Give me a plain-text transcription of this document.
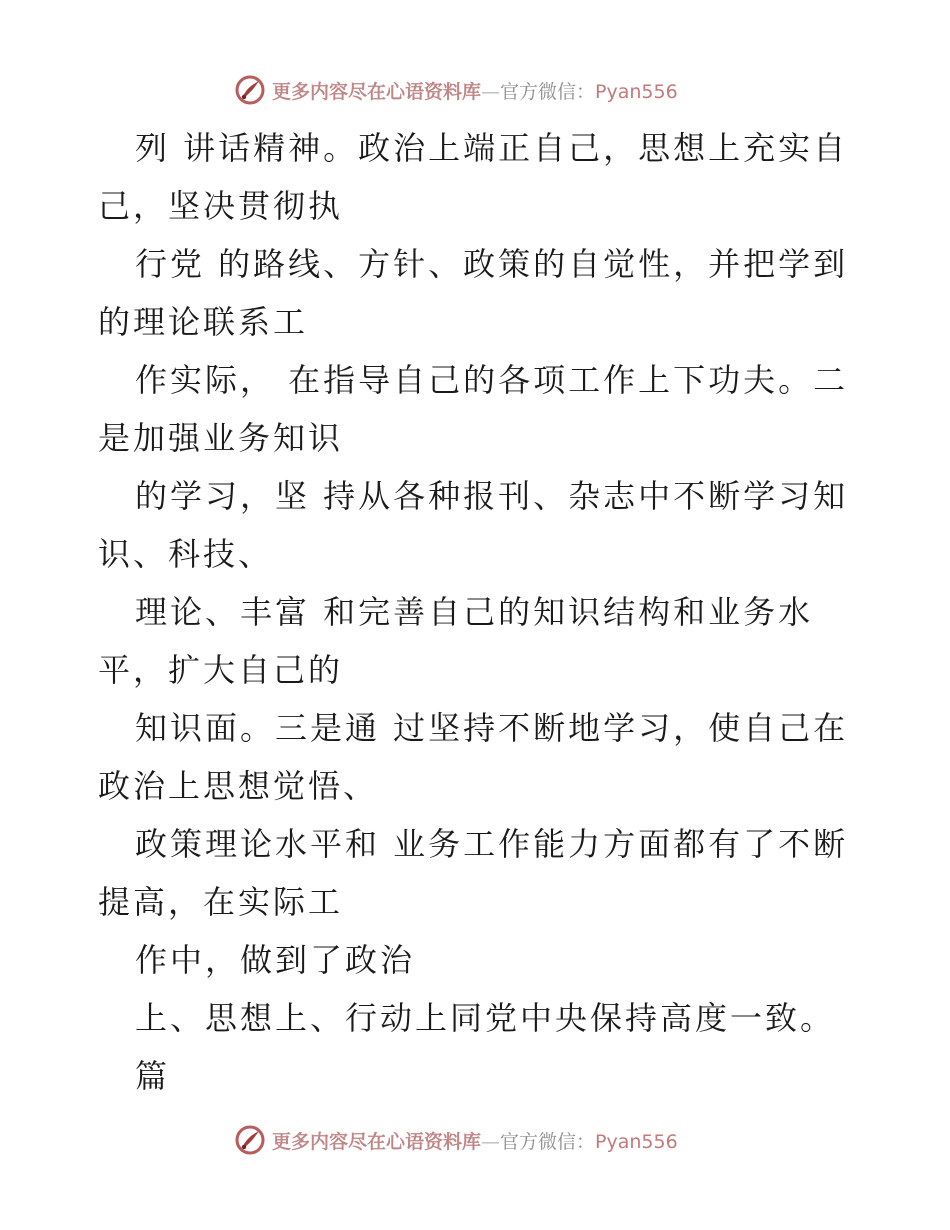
更多内容尽在心语资料库—官方微信：Pyan556
列 讲话精神。政治上端正自己，思想上充实自
己，坚决贯彻执
行党 的路线、方针、政策的自觉性，并把学到
的理论联系工
作实际， 在指导自己的各项工作上下功夫。二
是加强业务知识
的学习，坚 持从各种报刊、杂志中不断学习知
识、科技、
理论、丰富 和完善自己的知识结构和业务水
平，扩大自己的
知识面。三是通 过坚持不断地学习，使自己在
政治上思想觉悟、
政策理论水平和 业务工作能力方面都有了不断
提高，在实际工
作中，做到了政治
上、思想上、行动上同党中央保持高度一致。
篇
更多内容尽在心语资料库—官方微信：Pyan556
